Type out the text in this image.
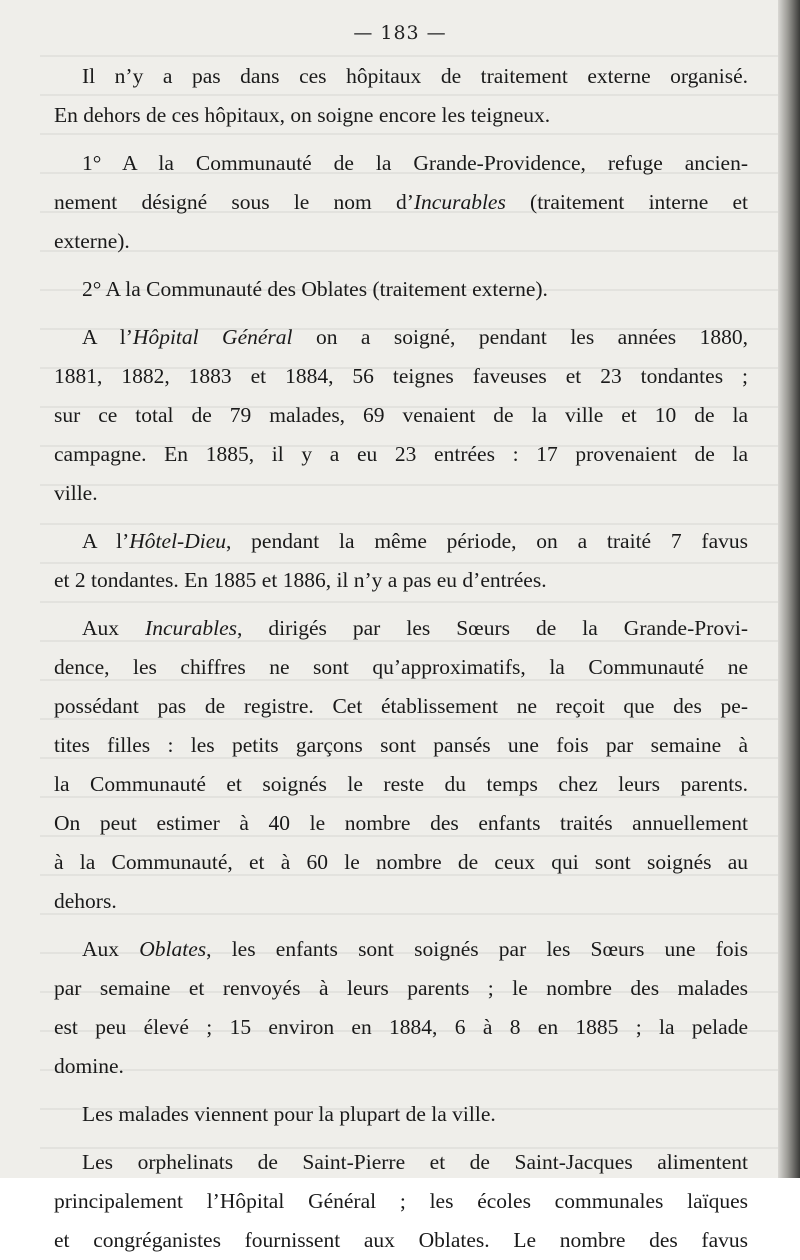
— 183 —
Il n’y a pas dans ces hôpitaux de traitement externe organisé.
En dehors de ces hôpitaux, on soigne encore les teigneux.
1° A la Communauté de la Grande-Providence, refuge ancien-
nement désigné sous le nom d’Incurables (traitement interne et
externe).
2° A la Communauté des Oblates (traitement externe).
A l’Hôpital Général on a soigné, pendant les années 1880,
1881, 1882, 1883 et 1884, 56 teignes faveuses et 23 tondantes ;
sur ce total de 79 malades, 69 venaient de la ville et 10 de la
campagne. En 1885, il y a eu 23 entrées : 17 provenaient de la
ville.
A l’Hôtel-Dieu, pendant la même période, on a traité 7 favus
et 2 tondantes. En 1885 et 1886, il n’y a pas eu d’entrées.
Aux Incurables, dirigés par les Sœurs de la Grande-Provi-
dence, les chiffres ne sont qu’approximatifs, la Communauté ne
possédant pas de registre. Cet établissement ne reçoit que des pe-
tites filles : les petits garçons sont pansés une fois par semaine à
la Communauté et soignés le reste du temps chez leurs parents.
On peut estimer à 40 le nombre des enfants traités annuellement
à la Communauté, et à 60 le nombre de ceux qui sont soignés au
dehors.
Aux Oblates, les enfants sont soignés par les Sœurs une fois
par semaine et renvoyés à leurs parents ; le nombre des malades
est peu élevé ; 15 environ en 1884, 6 à 8 en 1885 ; la pelade
domine.
Les malades viennent pour la plupart de la ville.
Les orphelinats de Saint-Pierre et de Saint-Jacques alimentent
principalement l’Hôpital Général ; les écoles communales laïques
et congréganistes fournissent aux Oblates. Le nombre des favus
